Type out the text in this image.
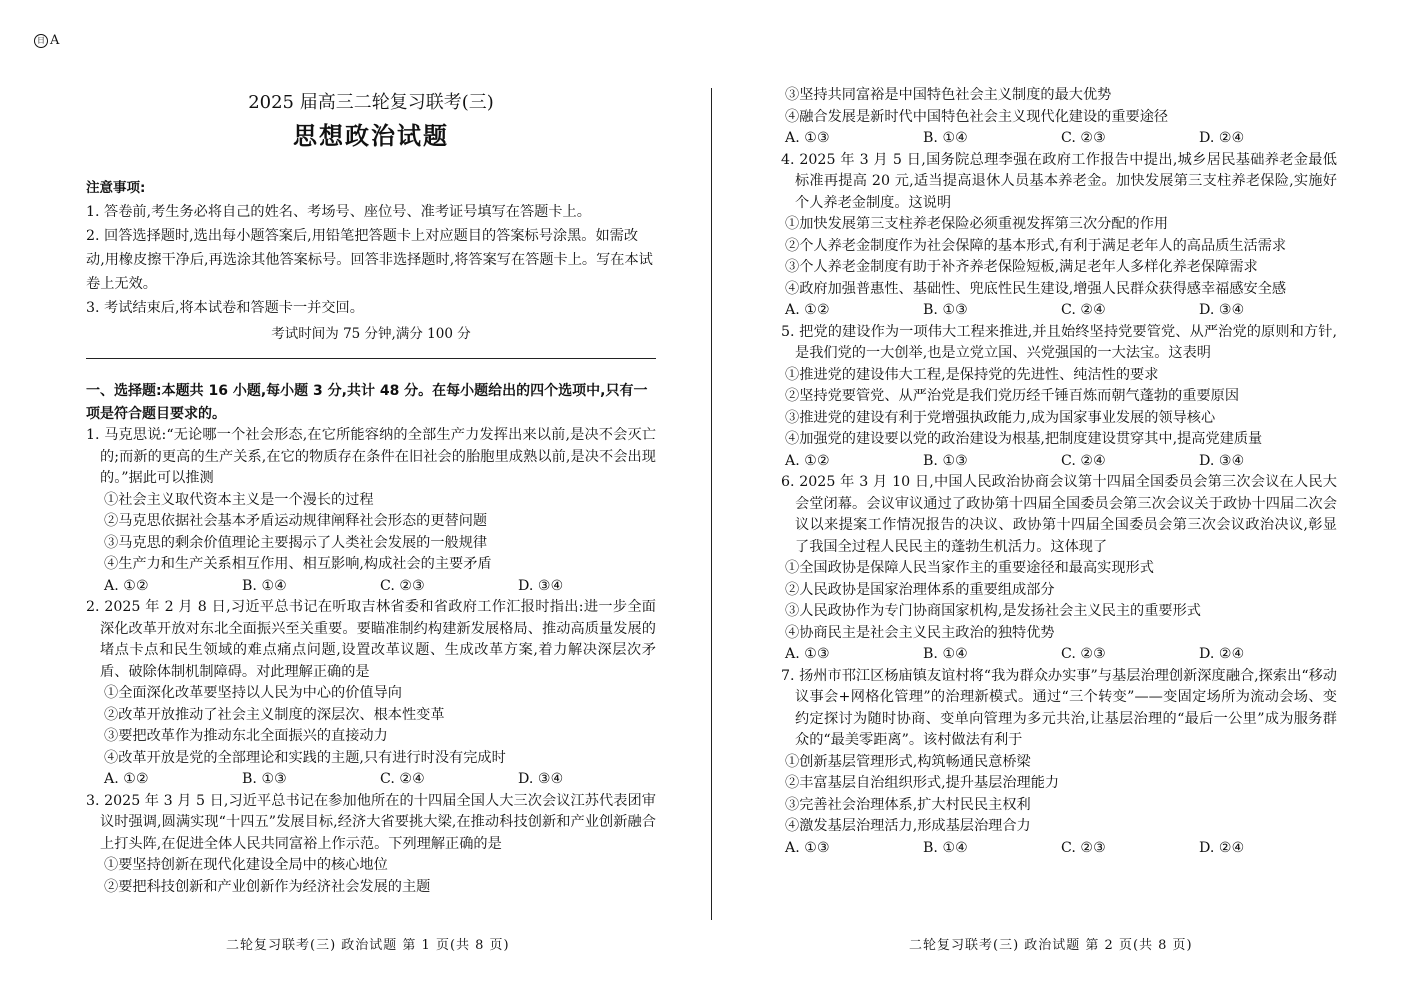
日 A
2025 届高三二轮复习联考(三)
思想政治试题
注意事项:
1. 答卷前,考生务必将自己的姓名、考场号、座位号、准考证号填写在答题卡上。
2. 回答选择题时,选出每小题答案后,用铅笔把答题卡上对应题目的答案标号涂黑。如需改动,用橡皮擦干净后,再选涂其他答案标号。回答非选择题时,将答案写在答题卡上。写在本试卷上无效。
3. 考试结束后,将本试卷和答题卡一并交回。
考试时间为 75 分钟,满分 100 分
一、选择题:本题共 16 小题,每小题 3 分,共计 48 分。在每小题给出的四个选项中,只有一项是符合题目要求的。
1. 马克思说:“无论哪一个社会形态,在它所能容纳的全部生产力发挥出来以前,是决不会灭亡的;而新的更高的生产关系,在它的物质存在条件在旧社会的胎胞里成熟以前,是决不会出现的。”据此可以推测
①社会主义取代资本主义是一个漫长的过程
②马克思依据社会基本矛盾运动规律阐释社会形态的更替问题
③马克思的剩余价值理论主要揭示了人类社会发展的一般规律
④生产力和生产关系相互作用、相互影响,构成社会的主要矛盾
A. ①②	B. ①④	C. ②③	D. ③④
2. 2025 年 2 月 8 日,习近平总书记在听取吉林省委和省政府工作汇报时指出:进一步全面深化改革开放对东北全面振兴至关重要。要瞄准制约构建新发展格局、推动高质量发展的堵点卡点和民生领域的难点痛点问题,设置改革议题、生成改革方案,着力解决深层次矛盾、破除体制机制障碍。对此理解正确的是
①全面深化改革要坚持以人民为中心的价值导向
②改革开放推动了社会主义制度的深层次、根本性变革
③要把改革作为推动东北全面振兴的直接动力
④改革开放是党的全部理论和实践的主题,只有进行时没有完成时
A. ①②	B. ①③	C. ②④	D. ③④
3. 2025 年 3 月 5 日,习近平总书记在参加他所在的十四届全国人大三次会议江苏代表团审议时强调,圆满实现“十四五”发展目标,经济大省要挑大梁,在推动科技创新和产业创新融合上打头阵,在促进全体人民共同富裕上作示范。下列理解正确的是
①要坚持创新在现代化建设全局中的核心地位
②要把科技创新和产业创新作为经济社会发展的主题
二轮复习联考(三) 政治试题 第 1 页(共 8 页)
③坚持共同富裕是中国特色社会主义制度的最大优势
④融合发展是新时代中国特色社会主义现代化建设的重要途径
A. ①③	B. ①④	C. ②③	D. ②④
4. 2025 年 3 月 5 日,国务院总理李强在政府工作报告中提出,城乡居民基础养老金最低标准再提高 20 元,适当提高退休人员基本养老金。加快发展第三支柱养老保险,实施好个人养老金制度。这说明
①加快发展第三支柱养老保险必须重视发挥第三次分配的作用
②个人养老金制度作为社会保障的基本形式,有利于满足老年人的高品质生活需求
③个人养老金制度有助于补齐养老保险短板,满足老年人多样化养老保障需求
④政府加强普惠性、基础性、兜底性民生建设,增强人民群众获得感幸福感安全感
A. ①②	B. ①③	C. ②④	D. ③④
5. 把党的建设作为一项伟大工程来推进,并且始终坚持党要管党、从严治党的原则和方针,是我们党的一大创举,也是立党立国、兴党强国的一大法宝。这表明
①推进党的建设伟大工程,是保持党的先进性、纯洁性的要求
②坚持党要管党、从严治党是我们党历经千锤百炼而朝气蓬勃的重要原因
③推进党的建设有利于党增强执政能力,成为国家事业发展的领导核心
④加强党的建设要以党的政治建设为根基,把制度建设贯穿其中,提高党建质量
A. ①②	B. ①③	C. ②④	D. ③④
6. 2025 年 3 月 10 日,中国人民政治协商会议第十四届全国委员会第三次会议在人民大会堂闭幕。会议审议通过了政协第十四届全国委员会第三次会议关于政协十四届二次会议以来提案工作情况报告的决议、政协第十四届全国委员会第三次会议政治决议,彰显了我国全过程人民民主的蓬勃生机活力。这体现了
①全国政协是保障人民当家作主的重要途径和最高实现形式
②人民政协是国家治理体系的重要组成部分
③人民政协作为专门协商国家机构,是发扬社会主义民主的重要形式
④协商民主是社会主义民主政治的独特优势
A. ①③	B. ①④	C. ②③	D. ②④
7. 扬州市邗江区杨庙镇友谊村将“我为群众办实事”与基层治理创新深度融合,探索出“移动议事会+网格化管理”的治理新模式。通过“三个转变”——变固定场所为流动会场、变约定探讨为随时协商、变单向管理为多元共治,让基层治理的“最后一公里”成为服务群众的“最美零距离”。该村做法有利于
①创新基层管理形式,构筑畅通民意桥梁
②丰富基层自治组织形式,提升基层治理能力
③完善社会治理体系,扩大村民民主权利
④激发基层治理活力,形成基层治理合力
A. ①③	B. ①④	C. ②③	D. ②④
二轮复习联考(三) 政治试题 第 2 页(共 8 页)
